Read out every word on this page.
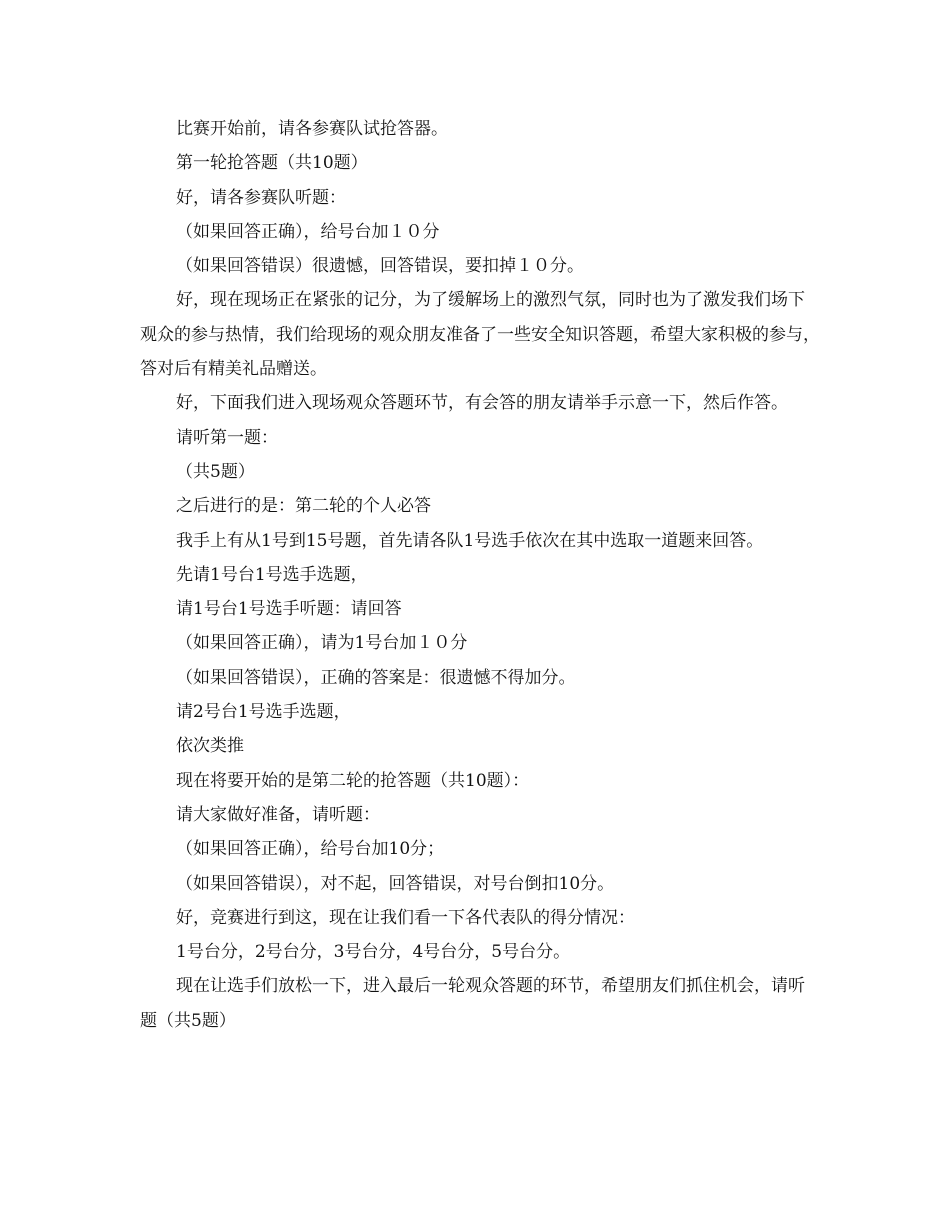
比赛开始前，请各参赛队试抢答器。

第一轮抢答题（共10题）

好，请各参赛队听题：

（如果回答正确），给号台加１０分

（如果回答错误）很遗憾，回答错误，要扣掉１０分。

好，现在现场正在紧张的记分，为了缓解场上的激烈气氛，同时也为了激发我们场下观众的参与热情，我们给现场的观众朋友准备了一些安全知识答题，希望大家积极的参与，答对后有精美礼品赠送。

好，下面我们进入现场观众答题环节，有会答的朋友请举手示意一下，然后作答。

请听第一题：

（共5题）

之后进行的是：第二轮的个人必答

我手上有从1号到15号题，首先请各队1号选手依次在其中选取一道题来回答。

先请1号台1号选手选题，

请1号台1号选手听题：请回答

（如果回答正确），请为1号台加１０分

（如果回答错误），正确的答案是：很遗憾不得加分。

请2号台1号选手选题，

依次类推

现在将要开始的是第二轮的抢答题（共10题）：

请大家做好准备，请听题：

（如果回答正确），给号台加10分；

（如果回答错误），对不起，回答错误，对号台倒扣10分。

好，竞赛进行到这，现在让我们看一下各代表队的得分情况：

1号台分，2号台分，3号台分，4号台分，5号台分。

现在让选手们放松一下，进入最后一轮观众答题的环节，希望朋友们抓住机会，请听题（共5题）
